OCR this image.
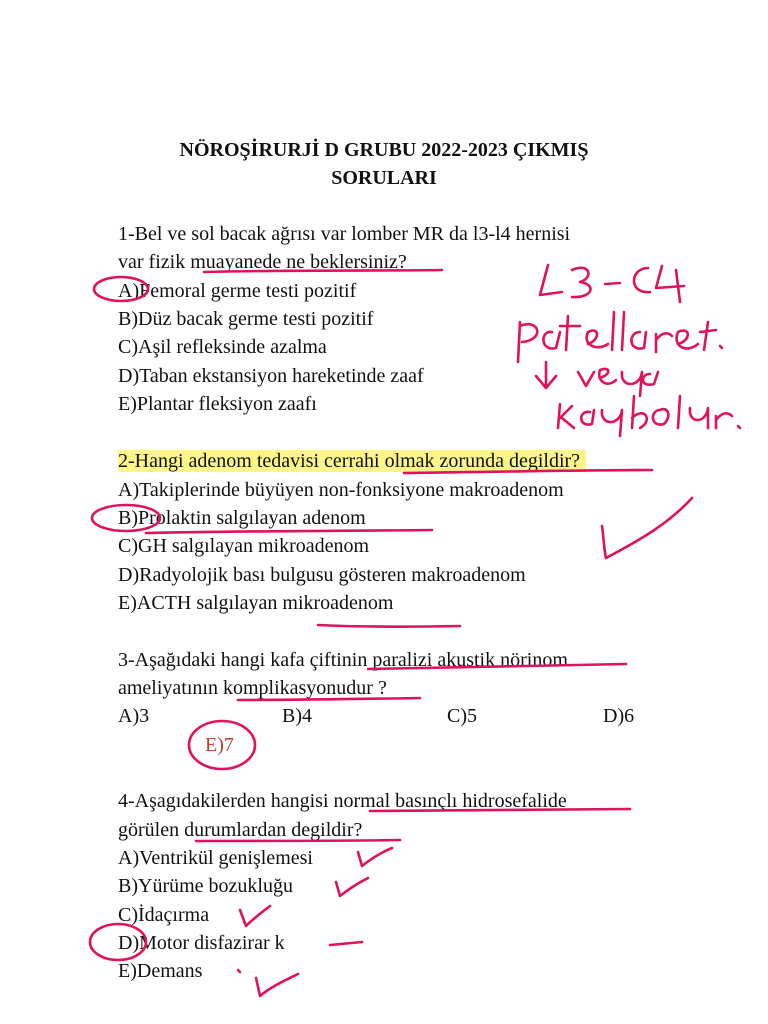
NÖROŞİRURJİ D GRUBU 2022-2023 ÇIKMIŞ
SORULARI
1-Bel ve sol bacak ağrısı var lomber MR da l3-l4 hernisi
var fizik muayanede ne beklersiniz?
A)Femoral germe testi pozitif
B)Düz bacak germe testi pozitif
C)Aşil refleksinde azalma
D)Taban ekstansiyon hareketinde zaaf
E)Plantar fleksiyon zaafı
2-Hangi adenom tedavisi cerrahi olmak zorunda degildir?
A)Takiplerinde büyüyen non-fonksiyone makroadenom
B)Prolaktin salgılayan adenom
C)GH salgılayan mikroadenom
D)Radyolojik bası bulgusu gösteren makroadenom
E)ACTH salgılayan mikroadenom
3-Aşağıdaki hangi kafa çiftinin paralizi akustik nörinom
ameliyatının komplikasyonudur ?
A)3	B)4	C)5	D)6
E)7
4-Aşagıdakilerden hangisi normal basınçlı hidrosefalide
görülen durumlardan degildir?
A)Ventrikül genişlemesi
B)Yürüme bozukluğu
C)İdaçırma
D)Motor disfazirar k
E)Demans
